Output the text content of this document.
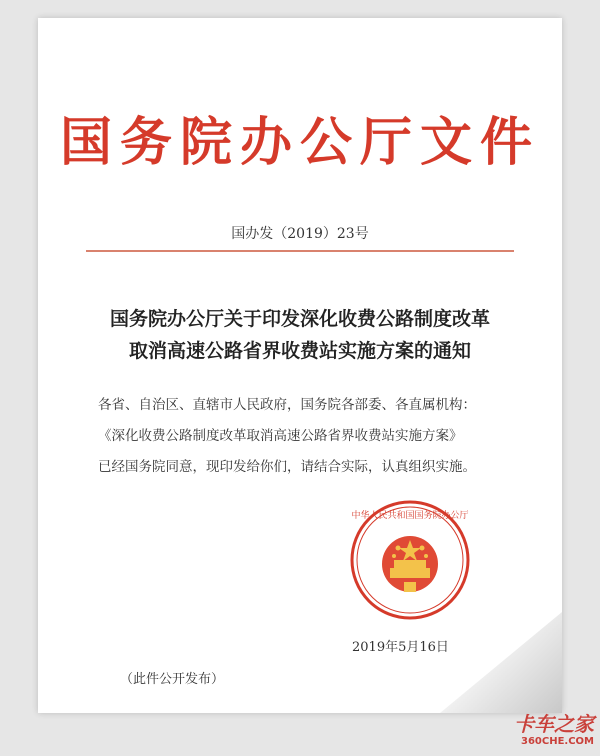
国务院办公厅文件
国办发（2019）23号
国务院办公厅关于印发深化收费公路制度改革
取消高速公路省界收费站实施方案的通知
各省、自治区、直辖市人民政府，国务院各部委、各直属机构：
《深化收费公路制度改革取消高速公路省界收费站实施方案》
已经国务院同意，现印发给你们，请结合实际，认真组织实施。
中华人民共和国国务院办公厅
2019年5月16日
（此件公开发布）
卡车之家
360CHE.COM
